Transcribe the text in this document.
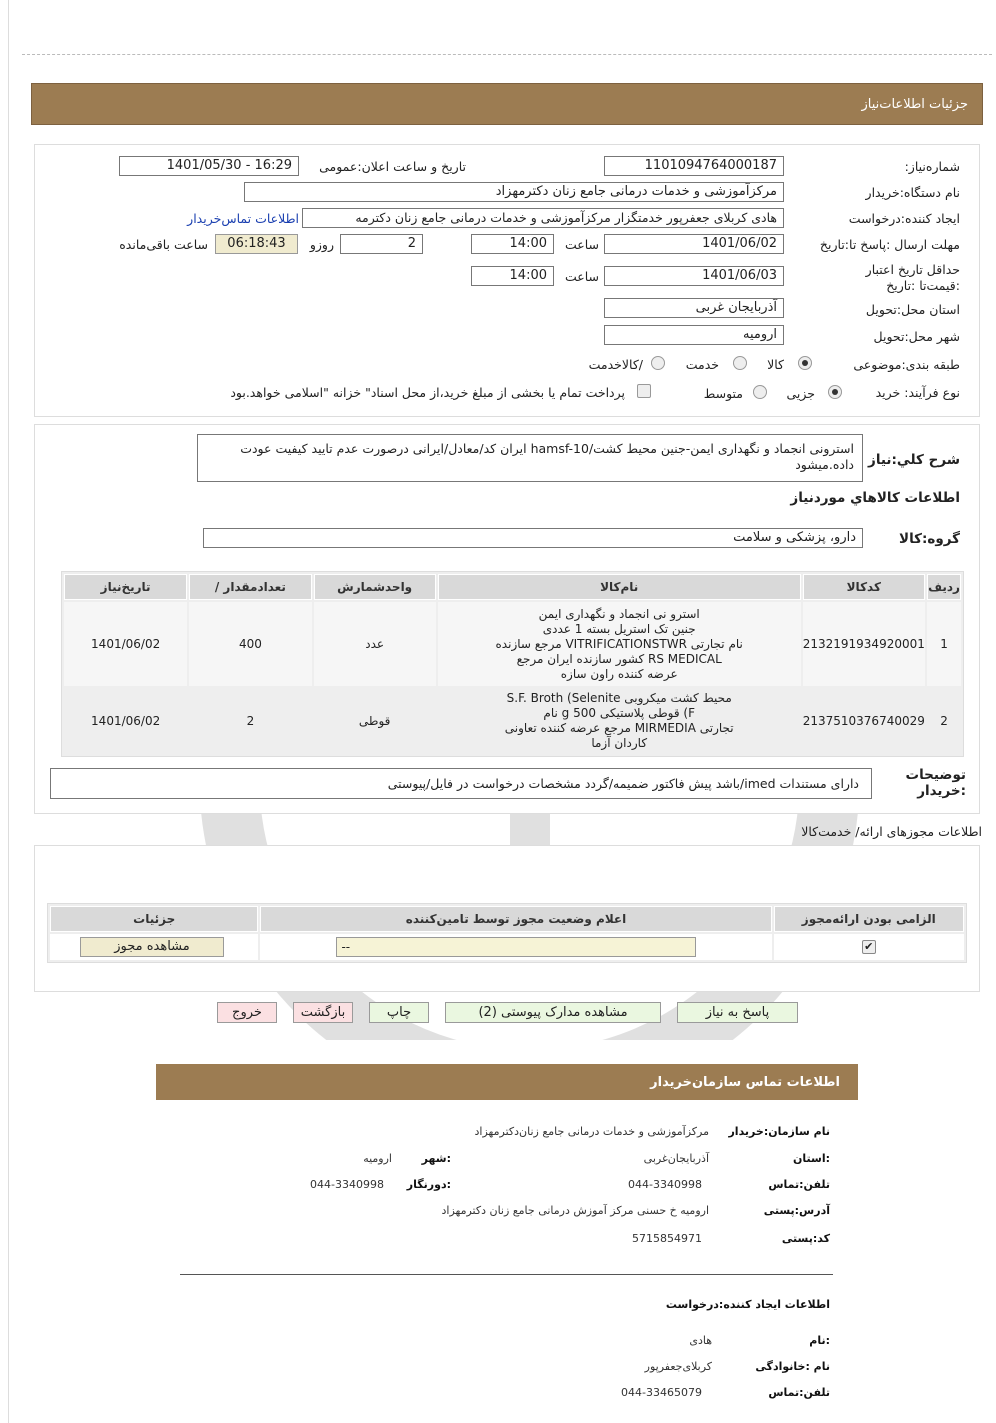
جزئیات اطلاعات‌نیاز
شماره‌نیاز:
1101094764000187
تاریخ و ساعت اعلان:عمومی
1401/05/30 - 16:29
نام دستگاه:خریدار
مرکزآموزشی و خدمات درمانی جامع زنان دکترمهزاد
ایجاد کننده:درخواست
هادی کربلای جعفرپور خدمتگزار مرکزآموزشی و خدمات درمانی جامع زنان دکترمه
اطلاعات تماس‌خریدار
مهلت ارسال :پاسخ تا:تاریخ
1401/06/02
ساعت
14:00
2
روزو
06:18:43
ساعت باقی‌مانده
حداقل تاریخ اعتبار :قیمت‌تا :تاریخ
1401/06/03
ساعت
14:00
استان محل:تحویل
آذربایجان غربی
شهر محل:تحویل
ارومیه
طبقه بندی:موضوعی
کالا
خدمت
/کالاخدمت
نوع فرآیند: خرید
جزیی
متوسط
پرداخت تمام یا بخشی از مبلغ خرید،از محل اسناد" خزانه "اسلامی خواهد.بود
شرح کلي:نیاز
استرونی انجماد و نگهداری ایمن-جنین محیط کشت/hamsf-10 ایران کد/معادل/ایرانی درصورت عدم تایید کیفیت عودت داده.میشود
اطلاعات کالاهاي موردنياز
گروه:کالا
دارو، پزشکی و سلامت
تاریخ‌نیاز	/ تعدادمقدار	واحدشمارش	نام‌کالا	کدکالا	رديف
1401/06/02	400	عدد	استرو نی انجماد و نگهداری ایمن
جنین تک استریل بسته 1 عددی
نام تجارتی VITRIFICATIONSTWR مرجع سازنده
RS MEDICAL کشور سازنده ایران مرجع
عرضه کننده راون سازه	2132191934920001	1
1401/06/02	2	قوطی	محیط کشت میکروبی S.F. Broth (Selenite
F) قوطی پلاستیکی 500 g نام
تجارتی MIRMEDIA مرجع عرضه کننده تعاونی
کاردان آزما	2137510376740029	2
توضیحات :خریدار
دارای مستندات imed/باشد پیش فاکتور ضمیمه/گردد مشخصات درخواست در فایل/پیوستی
اطلاعات مجوزهای ارائه/ خدمت‌کالا
جزئیات	اعلام وضعیت مجوز توسط تامین‌کننده	الزامی بودن ارائه‌مجوز

مشاهده مجوز	--	✔
پاسخ به نیاز
مشاهده مدارک پیوستی (2)
چاپ
بازگشت
خروج
اطلاعات تماس سازمان‌خریدار
نام سازمان:خریدار
مرکزآموزشی و خدمات درمانی جامع زنان‌دکترمهزاد
:استان
آذربایجان‌غربی
:شهر
ارومیه
تلفن:تماس
044-3340998
:دورنگار
044-3340998
آدرس:پستی
ارومیه خ حسنی مرکز آموزش درمانی جامع زنان دکترمهزاد
کد:پستی
5715854971
اطلاعات ایجاد کننده:درخواست
:نام
هادی
نام :خانوادگی
کربلای‌جعفرپور
تلفن:تماس
044-33465079
